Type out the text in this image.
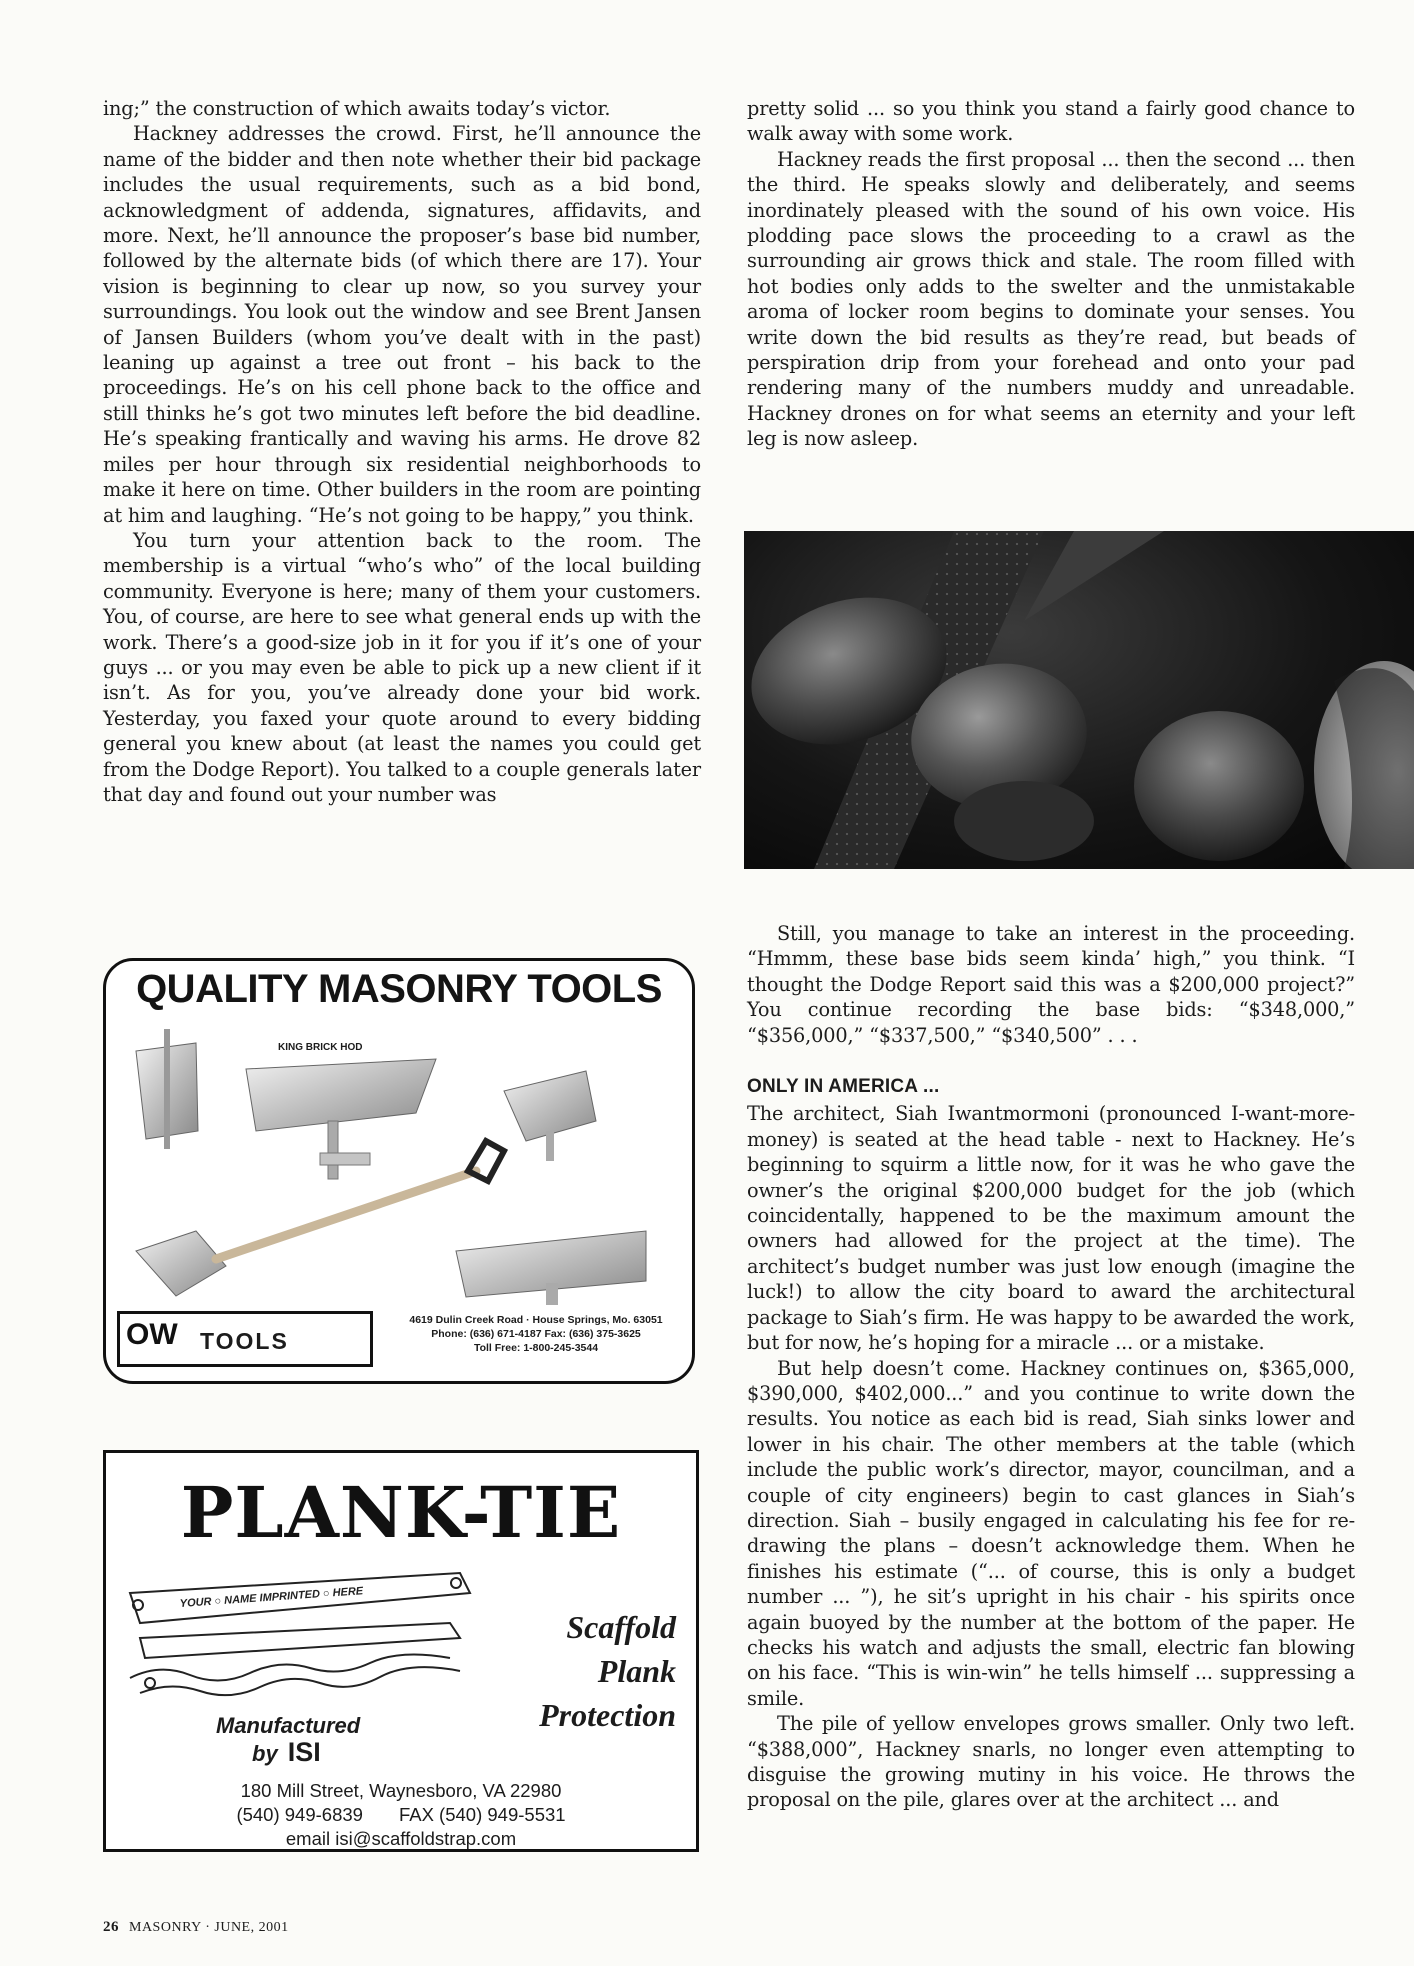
ing;” the construction of which awaits today’s victor.

Hackney addresses the crowd. First, he’ll announce the name of the bidder and then note whether their bid package includes the usual requirements, such as a bid bond, acknowledgment of addenda, signatures, affidavits, and more. Next, he’ll announce the proposer’s base bid number, followed by the alternate bids (of which there are 17). Your vision is beginning to clear up now, so you survey your surroundings. You look out the window and see Brent Jansen of Jansen Builders (whom you’ve dealt with in the past) leaning up against a tree out front – his back to the proceedings. He’s on his cell phone back to the office and still thinks he’s got two minutes left before the bid deadline. He’s speaking frantically and waving his arms. He drove 82 miles per hour through six residential neighborhoods to make it here on time. Other builders in the room are pointing at him and laughing. “He’s not going to be happy,” you think.

You turn your attention back to the room. The membership is a virtual “who’s who” of the local building community. Everyone is here; many of them your customers. You, of course, are here to see what general ends up with the work. There’s a good-size job in it for you if it’s one of your guys ... or you may even be able to pick up a new client if it isn’t. As for you, you’ve already done your bid work. Yesterday, you faxed your quote around to every bidding general you knew about (at least the names you could get from the Dodge Report). You talked to a couple generals later that day and found out your number was

pretty solid ... so you think you stand a fairly good chance to walk away with some work.

Hackney reads the first proposal ... then the second ... then the third. He speaks slowly and deliberately, and seems inordinately pleased with the sound of his own voice. His plodding pace slows the proceeding to a crawl as the surrounding air grows thick and stale. The room filled with hot bodies only adds to the swelter and the unmistakable aroma of locker room begins to dominate your senses. You write down the bid results as they’re read, but beads of perspiration drip from your forehead and onto your pad rendering many of the numbers muddy and unreadable. Hackney drones on for what seems an eternity and your left leg is now asleep.

Still, you manage to take an interest in the proceeding. “Hmmm, these base bids seem kinda’ high,” you think. “I thought the Dodge Report said this was a $200,000 project?” You continue recording the base bids: “$348,000,” “$356,000,” “$337,500,” “$340,500” . . .

ONLY IN AMERICA ...

The architect, Siah Iwantmormoni (pronounced I-want-more-money) is seated at the head table - next to Hackney. He’s beginning to squirm a little now, for it was he who gave the owner’s the original $200,000 budget for the job (which coincidentally, happened to be the maximum amount the owners had allowed for the project at the time). The architect’s budget number was just low enough (imagine the luck!) to allow the city board to award the architectural package to Siah’s firm. He was happy to be awarded the work, but for now, he’s hoping for a miracle ... or a mistake.

But help doesn’t come. Hackney continues on, $365,000, $390,000, $402,000...” and you continue to write down the results. You notice as each bid is read, Siah sinks lower and lower in his chair. The other members at the table (which include the public work’s director, mayor, councilman, and a couple of city engineers) begin to cast glances in Siah’s direction. Siah – busily engaged in calculating his fee for re-drawing the plans – doesn’t acknowledge them. When he finishes his estimate (“... of course, this is only a budget number ... ”), he sit’s upright in his chair - his spirits once again buoyed by the number at the bottom of the paper. He checks his watch and adjusts the small, electric fan blowing on his face. “This is win-win” he tells himself ... suppressing a smile.

The pile of yellow envelopes grows smaller. Only two left. “$388,000”, Hackney snarls, no longer even attempting to disguise the growing mutiny in his voice. He throws the proposal on the pile, glares over at the architect ... and

QUALITY MASONRY TOOLS
KING BRICK HOD
OW TOOLS
4619 Dulin Creek Road · House Springs, Mo. 63051
Phone: (636) 671-4187 Fax: (636) 375-3625
Toll Free: 1-800-245-3544
PLANK-TIE
YOUR ○ NAME IMPRINTED ○ HERE
Scaffold
Plank
Protection
Manufactured
by ISI
180 Mill Street, Waynesboro, VA 22980
(540) 949-6839 FAX (540) 949-5531
email isi@scaffoldstrap.com
26 MASONRY · JUNE, 2001
